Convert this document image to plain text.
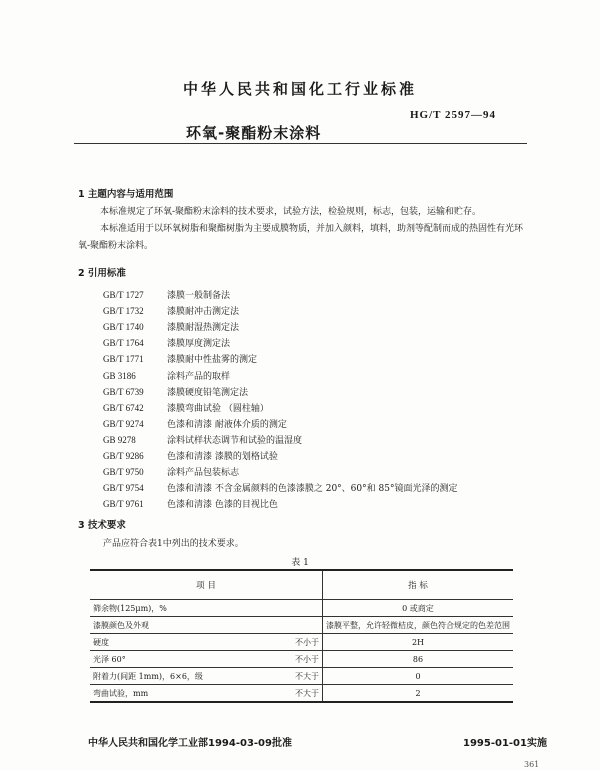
中华人民共和国化工行业标准
HG/T 2597—94
环氧-聚酯粉末涂料
1 主题内容与适用范围
本标准规定了环氧-聚酯粉末涂料的技术要求，试验方法，检验规则，标志，包装，运输和贮存。
本标准适用于以环氧树脂和聚酯树脂为主要成膜物质，并加入颜料，填料，助剂等配制而成的热固性有光环氧-聚酯粉末涂料。
2 引用标准
GB/T 1727	漆膜一般制备法
GB/T 1732	漆膜耐冲击测定法
GB/T 1740	漆膜耐湿热测定法
GB/T 1764	漆膜厚度测定法
GB/T 1771	漆膜耐中性盐雾的测定
GB 3186	涂料产品的取样
GB/T 6739	漆膜硬度铅笔测定法
GB/T 6742	漆膜弯曲试验 （圆柱轴）
GB/T 9274	色漆和清漆 耐液体介质的测定
GB 9278	涂料试样状态调节和试验的温湿度
GB/T 9286	色漆和清漆 漆膜的划格试验
GB/T 9750	涂料产品包装标志
GB/T 9754	色漆和清漆 不含金属颜料的色漆漆膜之 20°、60°和 85°镜面光泽的测定
GB/T 9761	色漆和清漆 色漆的目视比色
3 技术要求
产品应符合表1中列出的技术要求。
表 1
项 目		指 标
筛余物(125μm)，%		0 或商定
漆膜颜色及外观		漆膜平整，允许轻微桔皮，颜色符合规定的色差范围
硬度	不小于	2H
光泽 60°	不小于	86
附着力(间距 1mm)，6×6，级	不大于	0
弯曲试验，mm	不大于	2
中华人民共和国化学工业部1994-03-09批准	1995-01-01实施
361
